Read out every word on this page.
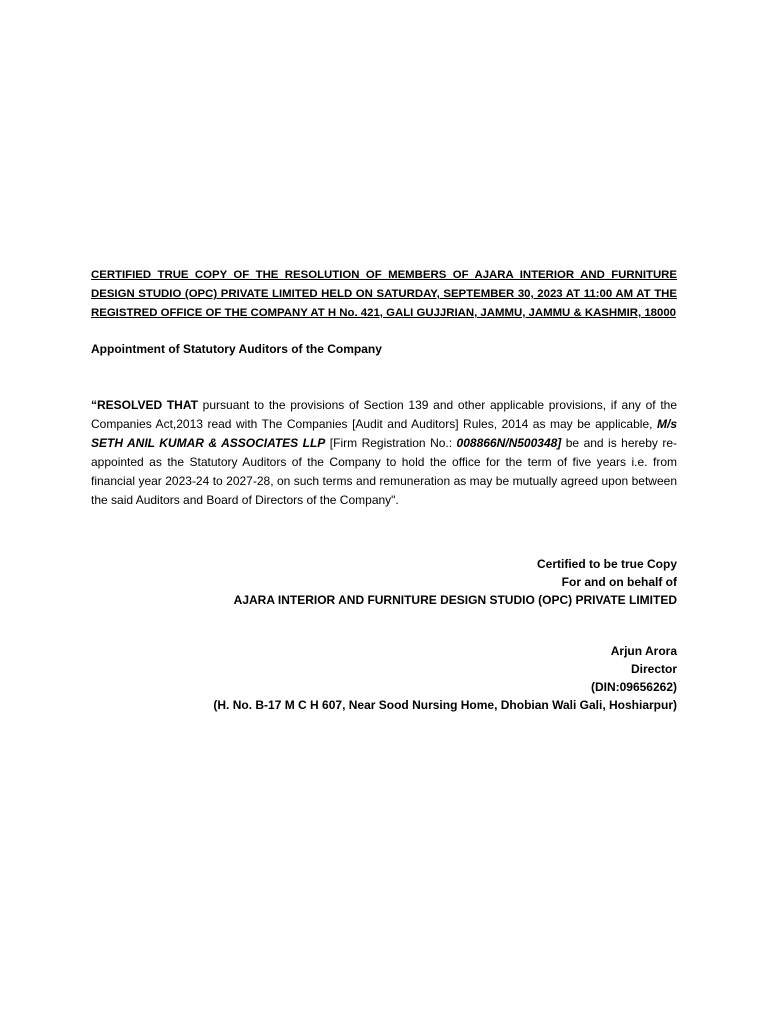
CERTIFIED TRUE COPY OF THE RESOLUTION OF MEMBERS OF AJARA INTERIOR AND FURNITURE DESIGN STUDIO (OPC) PRIVATE LIMITED HELD ON SATURDAY, SEPTEMBER 30, 2023 AT 11:00 AM AT THE REGISTRED OFFICE OF THE COMPANY AT H No. 421, GALI GUJJRIAN, JAMMU, JAMMU & KASHMIR, 18000

Appointment of Statutory Auditors of the Company

“RESOLVED THAT pursuant to the provisions of Section 139 and other applicable provisions, if any of the Companies Act,2013 read with The Companies [Audit and Auditors] Rules, 2014 as may be applicable, M/s SETH ANIL KUMAR & ASSOCIATES LLP [Firm Registration No.: 008866N/N500348] be and is hereby re-appointed as the Statutory Auditors of the Company to hold the office for the term of five years i.e. from financial year 2023-24 to 2027-28, on such terms and remuneration as may be mutually agreed upon between the said Auditors and Board of Directors of the Company".

Certified to be true Copy
For and on behalf of
AJARA INTERIOR AND FURNITURE DESIGN STUDIO (OPC) PRIVATE LIMITED
Arjun Arora
Director
(DIN:09656262)
(H. No. B-17 M C H 607, Near Sood Nursing Home, Dhobian Wali Gali, Hoshiarpur)
